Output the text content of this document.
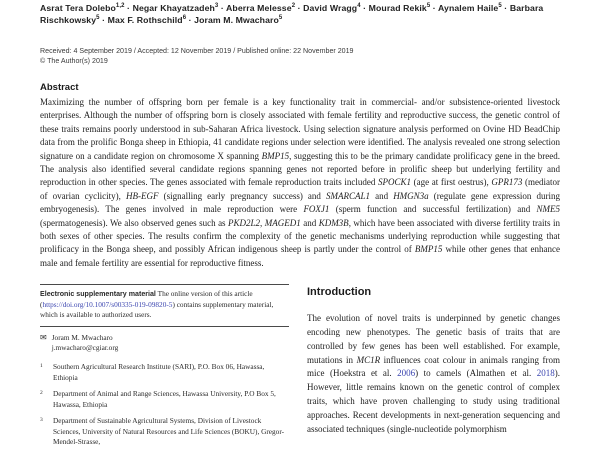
Asrat Tera Dolebo$^{1,2}$ · Negar Khayatzadeh$^3$ · Aberra Melesse$^2$ · David Wragg$^4$ · Mourad Rekik$^5$ · Aynalem Haile$^5$ · Barbara Rischkowsky$^5$ · Max F. Rothschild$^6$ · Joram M. Mwacharo$^5$
Received: 4 September 2019 / Accepted: 12 November 2019 / Published online: 22 November 2019
© The Author(s) 2019
Abstract
Maximizing the number of offspring born per female is a key functionality trait in commercial- and/or subsistence-oriented livestock enterprises. Although the number of offspring born is closely associated with female fertility and reproductive success, the genetic control of these traits remains poorly understood in sub-Saharan Africa livestock. Using selection signature analysis performed on Ovine HD BeadChip data from the prolific Bonga sheep in Ethiopia, 41 candidate regions under selection were identified. The analysis revealed one strong selection signature on a candidate region on chromosome X spanning BMP15, suggesting this to be the primary candidate prolificacy gene in the breed. The analysis also identified several candidate regions spanning genes not reported before in prolific sheep but underlying fertility and reproduction in other species. The genes associated with female reproduction traits included SPOCK1 (age at first oestrus), GPR173 (mediator of ovarian cyclicity), HB-EGF (signalling early pregnancy success) and SMARCAL1 and HMGN3a (regulate gene expression during embryogenesis). The genes involved in male reproduction were FOXJ1 (sperm function and successful fertilization) and NME5 (spermatogenesis). We also observed genes such as PKD2L2, MAGED1 and KDM3B, which have been associated with diverse fertility traits in both sexes of other species. The results confirm the complexity of the genetic mechanisms underlying reproduction while suggesting that prolificacy in the Bonga sheep, and possibly African indigenous sheep is partly under the control of BMP15 while other genes that enhance male and female fertility are essential for reproductive fitness.
Electronic supplementary material The online version of this article (https://doi.org/10.1007/s00335-019-09820-5) contains supplementary material, which is available to authorized users.
✉ Joram M. Mwacharo
j.mwacharo@cgiar.org
1	Southern Agricultural Research Institute (SARI), P.O. Box 06, Hawassa, Ethiopia
2	Department of Animal and Range Sciences, Hawassa University, P.O Box 5, Hawassa, Ethiopia
3	Department of Sustainable Agricultural Systems, Division of Livestock Sciences, University of Natural Resources and Life Sciences (BOKU), Gregor-Mendel-Strasse,
Introduction
The evolution of novel traits is underpinned by genetic changes encoding new phenotypes. The genetic basis of traits that are controlled by few genes has been well established. For example, mutations in MC1R influences coat colour in animals ranging from mice (Hoekstra et al. 2006) to camels (Almathen et al. 2018). However, little remains known on the genetic control of complex traits, which have proven challenging to study using traditional approaches. Recent developments in next-generation sequencing and associated techniques (single-nucleotide polymorphism
